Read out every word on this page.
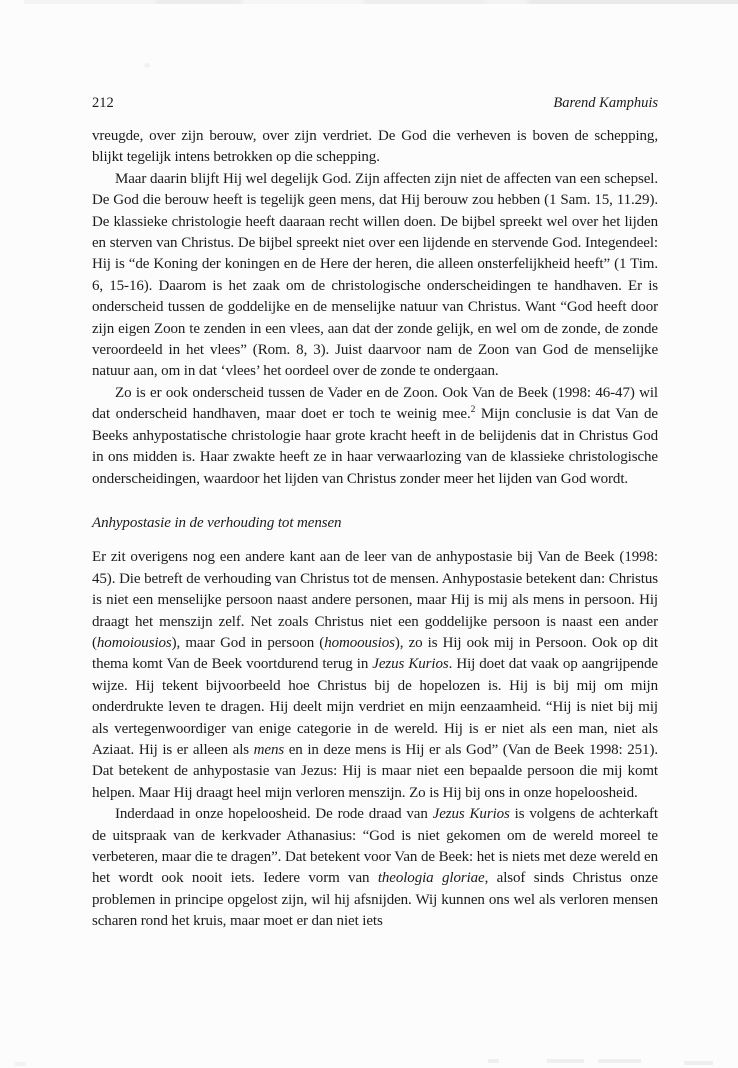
212	Barend Kamphuis

vreugde, over zijn berouw, over zijn verdriet. De God die verheven is boven de schepping, blijkt tegelijk intens betrokken op die schepping.

Maar daarin blijft Hij wel degelijk God. Zijn affecten zijn niet de affecten van een schepsel. De God die berouw heeft is tegelijk geen mens, dat Hij berouw zou hebben (1 Sam. 15, 11.29). De klassieke christologie heeft daaraan recht willen doen. De bijbel spreekt wel over het lijden en sterven van Christus. De bijbel spreekt niet over een lijdende en stervende God. Integendeel: Hij is “de Koning der koningen en de Here der heren, die alleen onsterfelijkheid heeft” (1 Tim. 6, 15-16). Daarom is het zaak om de christologische onderscheidingen te handhaven. Er is onderscheid tussen de goddelijke en de menselijke natuur van Christus. Want “God heeft door zijn eigen Zoon te zenden in een vlees, aan dat der zonde gelijk, en wel om de zonde, de zonde veroordeeld in het vlees” (Rom. 8, 3). Juist daarvoor nam de Zoon van God de menselijke natuur aan, om in dat ‘vlees’ het oordeel over de zonde te ondergaan.

Zo is er ook onderscheid tussen de Vader en de Zoon. Ook Van de Beek (1998: 46-47) wil dat onderscheid handhaven, maar doet er toch te weinig mee.$^2$ Mijn conclusie is dat Van de Beeks anhypostatische christologie haar grote kracht heeft in de belijdenis dat in Christus God in ons midden is. Haar zwakte heeft ze in haar verwaarlozing van de klassieke christologische onderscheidingen, waardoor het lijden van Christus zonder meer het lijden van God wordt.

Anhypostasie in de verhouding tot mensen

Er zit overigens nog een andere kant aan de leer van de anhypostasie bij Van de Beek (1998: 45). Die betreft de verhouding van Christus tot de mensen. Anhypostasie betekent dan: Christus is niet een menselijke persoon naast andere personen, maar Hij is mij als mens in persoon. Hij draagt het menszijn zelf. Net zoals Christus niet een goddelijke persoon is naast een ander (homoiousios), maar God in persoon (homoousios), zo is Hij ook mij in Persoon. Ook op dit thema komt Van de Beek voortdurend terug in Jezus Kurios. Hij doet dat vaak op aangrijpende wijze. Hij tekent bijvoorbeeld hoe Christus bij de hopelozen is. Hij is bij mij om mijn onderdrukte leven te dragen. Hij deelt mijn verdriet en mijn eenzaamheid. “Hij is niet bij mij als vertegenwoordiger van enige categorie in de wereld. Hij is er niet als een man, niet als Aziaat. Hij is er alleen als mens en in deze mens is Hij er als God” (Van de Beek 1998: 251). Dat betekent de anhypostasie van Jezus: Hij is maar niet een bepaalde persoon die mij komt helpen. Maar Hij draagt heel mijn verloren menszijn. Zo is Hij bij ons in onze hopeloosheid.

Inderdaad in onze hopeloosheid. De rode draad van Jezus Kurios is volgens de achterkaft de uitspraak van de kerkvader Athanasius: “God is niet gekomen om de wereld moreel te verbeteren, maar die te dragen”. Dat betekent voor Van de Beek: het is niets met deze wereld en het wordt ook nooit iets. Iedere vorm van theologia gloriae, alsof sinds Christus onze problemen in principe opgelost zijn, wil hij afsnijden. Wij kunnen ons wel als verloren mensen scharen rond het kruis, maar moet er dan niet iets
